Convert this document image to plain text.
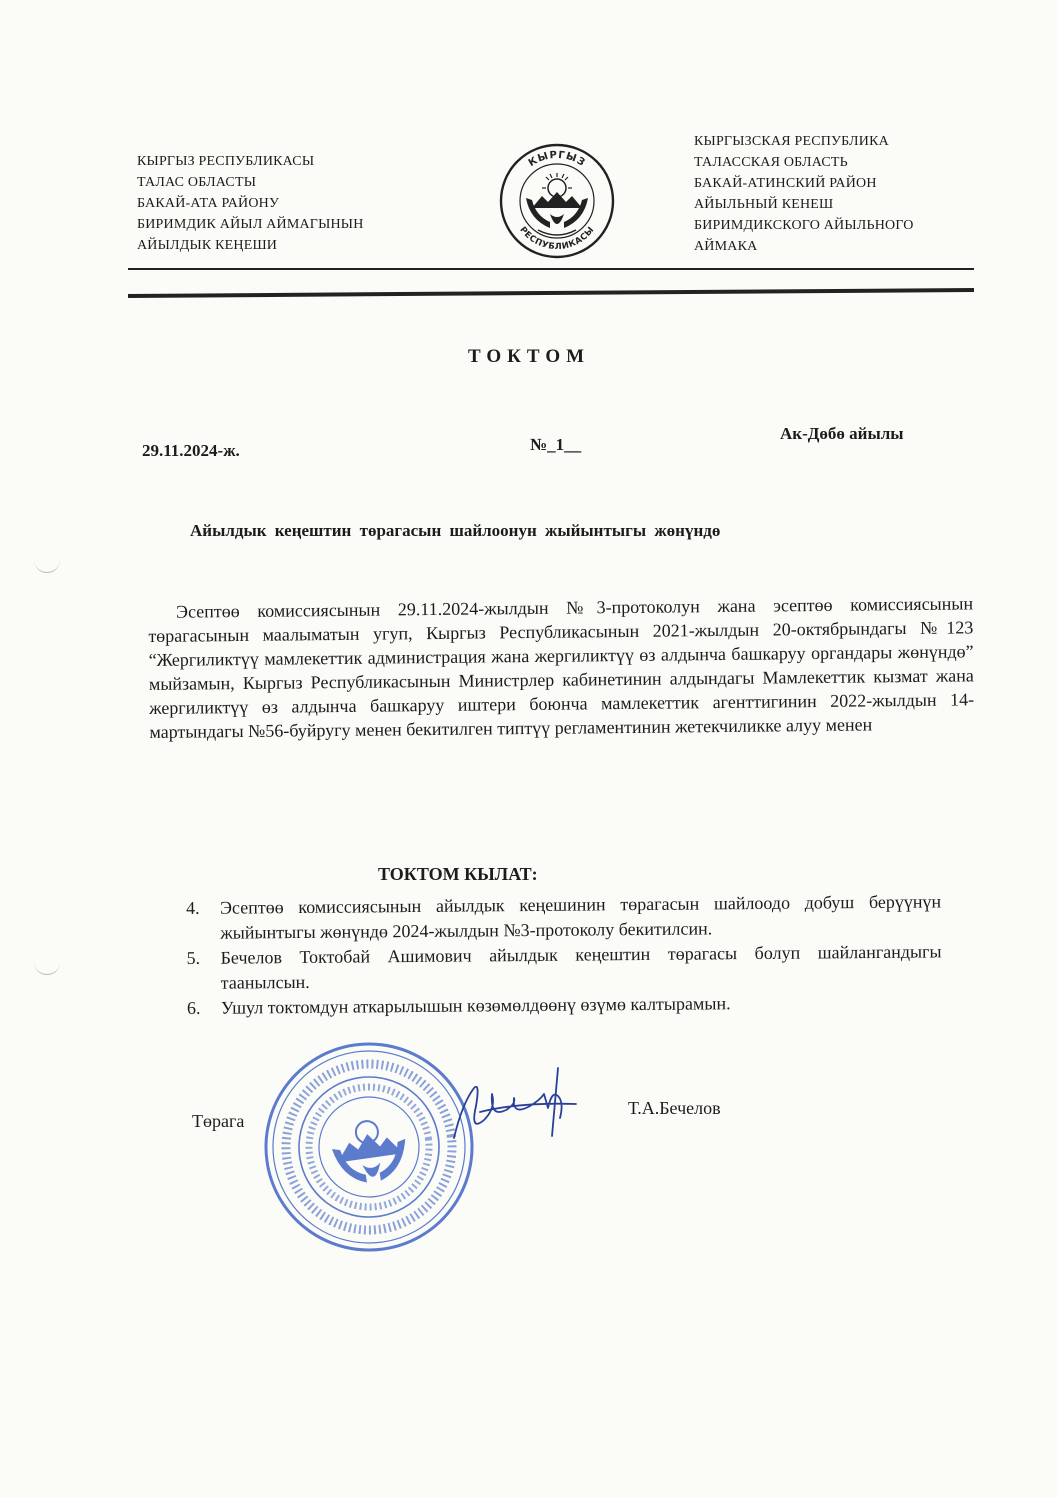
КЫРГЫЗ РЕСПУБЛИКАСЫ
ТАЛАС ОБЛАСТЫ
БАКАЙ-АТА РАЙОНУ
БИРИМДИК АЙЫЛ АЙМАГЫНЫН
АЙЫЛДЫК КЕҢЕШИ
КЫРГЫЗ
РЕСПУБЛИКАСЫ
КЫРГЫЗСКАЯ РЕСПУБЛИКА
ТАЛАССКАЯ ОБЛАСТЬ
БАКАЙ-АТИНСКИЙ РАЙОН
АЙЫЛЬНЫЙ КЕНЕШ
БИРИМДИКСКОГО АЙЫЛЬНОГО
АЙМАКА
ТОКТОМ
29.11.2024-ж.	№_1__
Ак-Дөбө айылы
Айылдык кеңештин төрагасын шайлоонун жыйынтыгы жөнүндө
Эсептөө комиссиясынын 29.11.2024-жылдын №3-протоколун жана эсептөө комиссиясынын төрагасынын маалыматын угуп, Кыргыз Республикасынын 2021-жылдын 20-октябрындагы №123 “Жергиликтүү мамлекеттик администрация жана жергиликтүү өз алдынча башкаруу органдары жөнүндө” мыйзамын, Кыргыз Республикасынын Министрлер кабинетинин алдындагы Мамлекеттик кызмат жана жергиликтүү өз алдынча башкаруу иштери боюнча мамлекеттик агенттигинин 2022-жылдын 14-мартындагы №56-буйругу менен бекитилген типтүү регламентинин жетекчиликке алуу менен
ТОКТОМ КЫЛАТ:
4.	Эсептөө комиссиясынын айылдык кеңешинин төрагасын шайлоодо добуш берүүнүн жыйынтыгы жөнүндө 2024-жылдын №3-протоколу бекитилсин.
5.	Бечелов Токтобай Ашимович айылдык кеңештин төрагасы болуп шайлангандыгы таанылсын.
6.	Ушул токтомдун аткарылышын көзөмөлдөөнү өзүмө калтырамын.
Төрага
Т.А.Бечелов
